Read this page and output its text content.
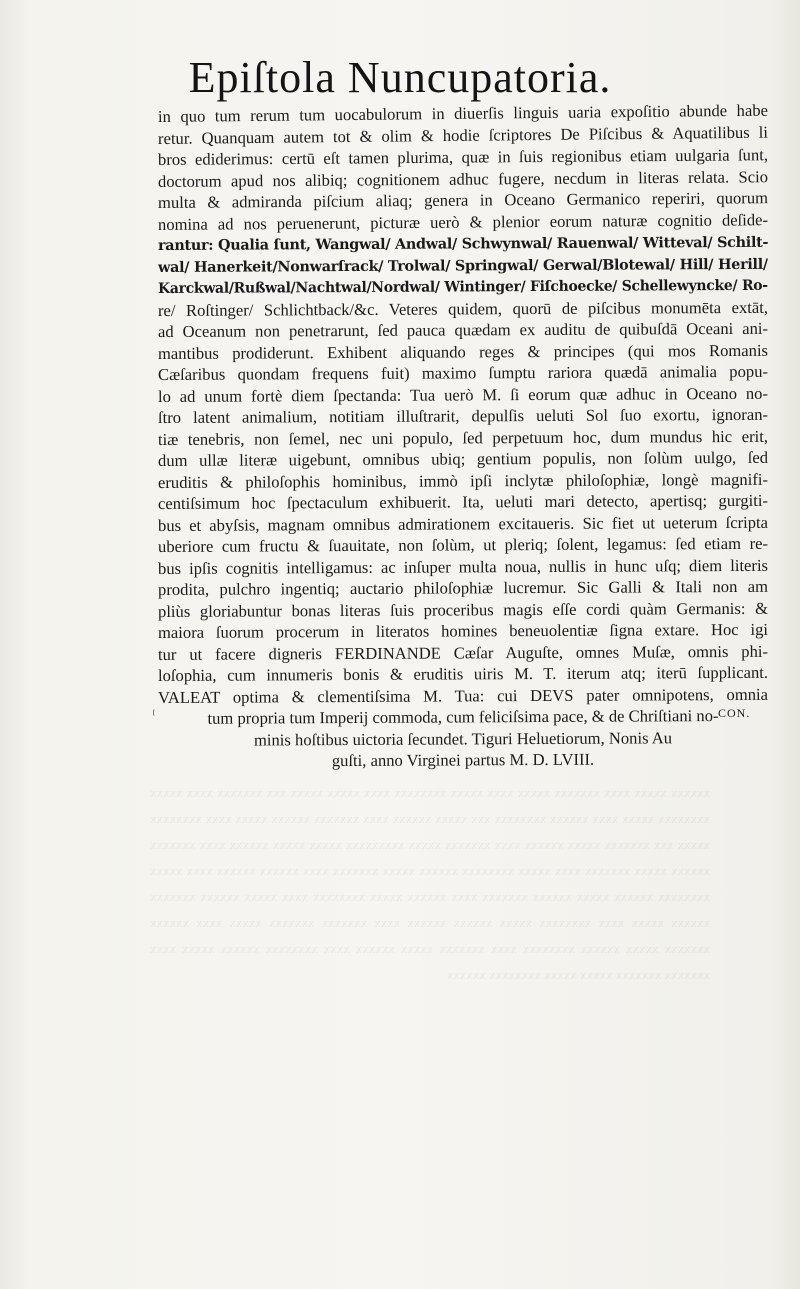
xxxxxx xxxxx xxxx xxxxxxx xxxxx xxxx xxxxx xxxxxxxx xxxx xxxxx xxxxx xxx xxxxxxx xxxx xxxxx xxxxxxxx xxxxx xxxx xxxxxx xxxxxxxx xxx xxxxx xxxxxx xxxx xxxxxxx xxxxxx xxxxx xxxx xxxxxxxx xxxxx xxx xxxxxxx xxxxx xxxxxx xxxx xxxxxxx xxxxx xxxxxxxxx xxxxx xxxxx xxxxxx xxxx xxxxxxx xxxxxx xxxxx xxxxxxx xxxx xxxxx xxxxxxxx xxxxxx xxxxx xxxxxxx xxxx xxxxxx xxxxxx xxxx xxxxx xxxxxxxx xxxxxx xxxxx xxxxxx xxxxxxx xxxx xxxxxx xxxxx xxxxxxxx xxxx xxxxx xxxxxx xxxxxxx xxxxxx xxxxx xxxx xxxxxxxx xxxxx xxxxxx xxxxxx xxxx xxxxxxx xxxxxxx xxxxx xxxx xxxxxx xxxxxxx xxxxx xxxxxx xxxxxxxx xxxx xxxxxxx xxxxx xxxxxx xxxx xxxxxxxx xxxxxx xxxxx xxxx xxxxxxx xxxxxxx xxxxx xxxxx xxxxxxxx xxxxxx
Epiſtola Nuncupatoria.
in quo tum rerum tum uocabulorum in diuerſis linguis uaria expoſitio abunde habe
retur. Quanquam autem tot & olim & hodie ſcriptores De Piſcibus & Aquatilibus li
bros ediderimus: certū eſt tamen plurima, quæ in ſuis regionibus etiam uulgaria ſunt,
doctorum apud nos alibiq; cognitionem adhuc fugere, necdum in literas relata. Scio
multa & admiranda piſcium aliaq; genera in Oceano Germanico reperiri, quorum
nomina ad nos peruenerunt, picturæ uerò & plenior eorum naturæ cognitio deſide-
rantur: Qualia ſunt, Wangwal/ Andwal/ Schwynwal/ Rauenwal/ Witteval/ Schilt-
wal/ Hanerkeit/Nonwarſrack/ Trolwal/ Springwal/ Gerwal/Blotewal/ Hill/ Herill/
Karckwal/Rußwal/Nachtwal/Nordwal/ Wintinger/ Fiſchoecke/ Schellewyncke/ Ro-
re/ Roſtinger/ Schlichtback/&c. Veteres quidem, quorū de piſcibus monumēta extāt,
ad Oceanum non penetrarunt, ſed pauca quædam ex auditu de quibuſdā Oceani ani-
mantibus prodiderunt. Exhibent aliquando reges & principes (qui mos Romanis
Cæſaribus quondam frequens fuit) maximo ſumptu rariora quædā animalia popu-
lo ad unum fortè diem ſpectanda: Tua uerò M. ſi eorum quæ adhuc in Oceano no-
ſtro latent animalium, notitiam illuſtrarit, depulſis ueluti Sol ſuo exortu, ignoran-
tiæ tenebris, non ſemel, nec uni populo, ſed perpetuum hoc, dum mundus hic erit,
dum ullæ literæ uigebunt, omnibus ubiq; gentium populis, non ſolùm uulgo, ſed
eruditis & philoſophis hominibus, immò ipſi inclytæ philoſophiæ, longè magnifi-
centiſsimum hoc ſpectaculum exhibuerit. Ita, ueluti mari detecto, apertisq; gurgiti-
bus et abyſsis, magnam omnibus admirationem excitaueris. Sic fiet ut ueterum ſcripta
uberiore cum fructu & ſuauitate, non ſolùm, ut pleriq; ſolent, legamus: ſed etiam re-
bus ipſis cognitis intelligamus: ac inſuper multa noua, nullis in hunc uſq; diem literis
prodita, pulchro ingentiq; auctario philoſophiæ lucremur. Sic Galli & Itali non am
pliùs gloriabuntur bonas literas ſuis proceribus magis eſſe cordi quàm Germanis: &
maiora ſuorum procerum in literatos homines beneuolentiæ ſigna extare. Hoc igi
tur ut facere digneris FERDINANDE Cæſar Auguſte, omnes Muſæ, omnis phi-
loſophia, cum innumeris bonis & eruditis uiris M. T. iterum atq; iterū ſupplicant.
VALEAT optima & clementiſsima M. Tua: cui DEVS pater omnipotens, omnia
tum propria tum Imperij commoda, cum feliciſsima pace, & de Chriſtiani no-
minis hoſtibus uictoria ſecundet. Tiguri Heluetiorum, Nonis Au
guſti, anno Virginei partus M. D. LVIII.
CON.
